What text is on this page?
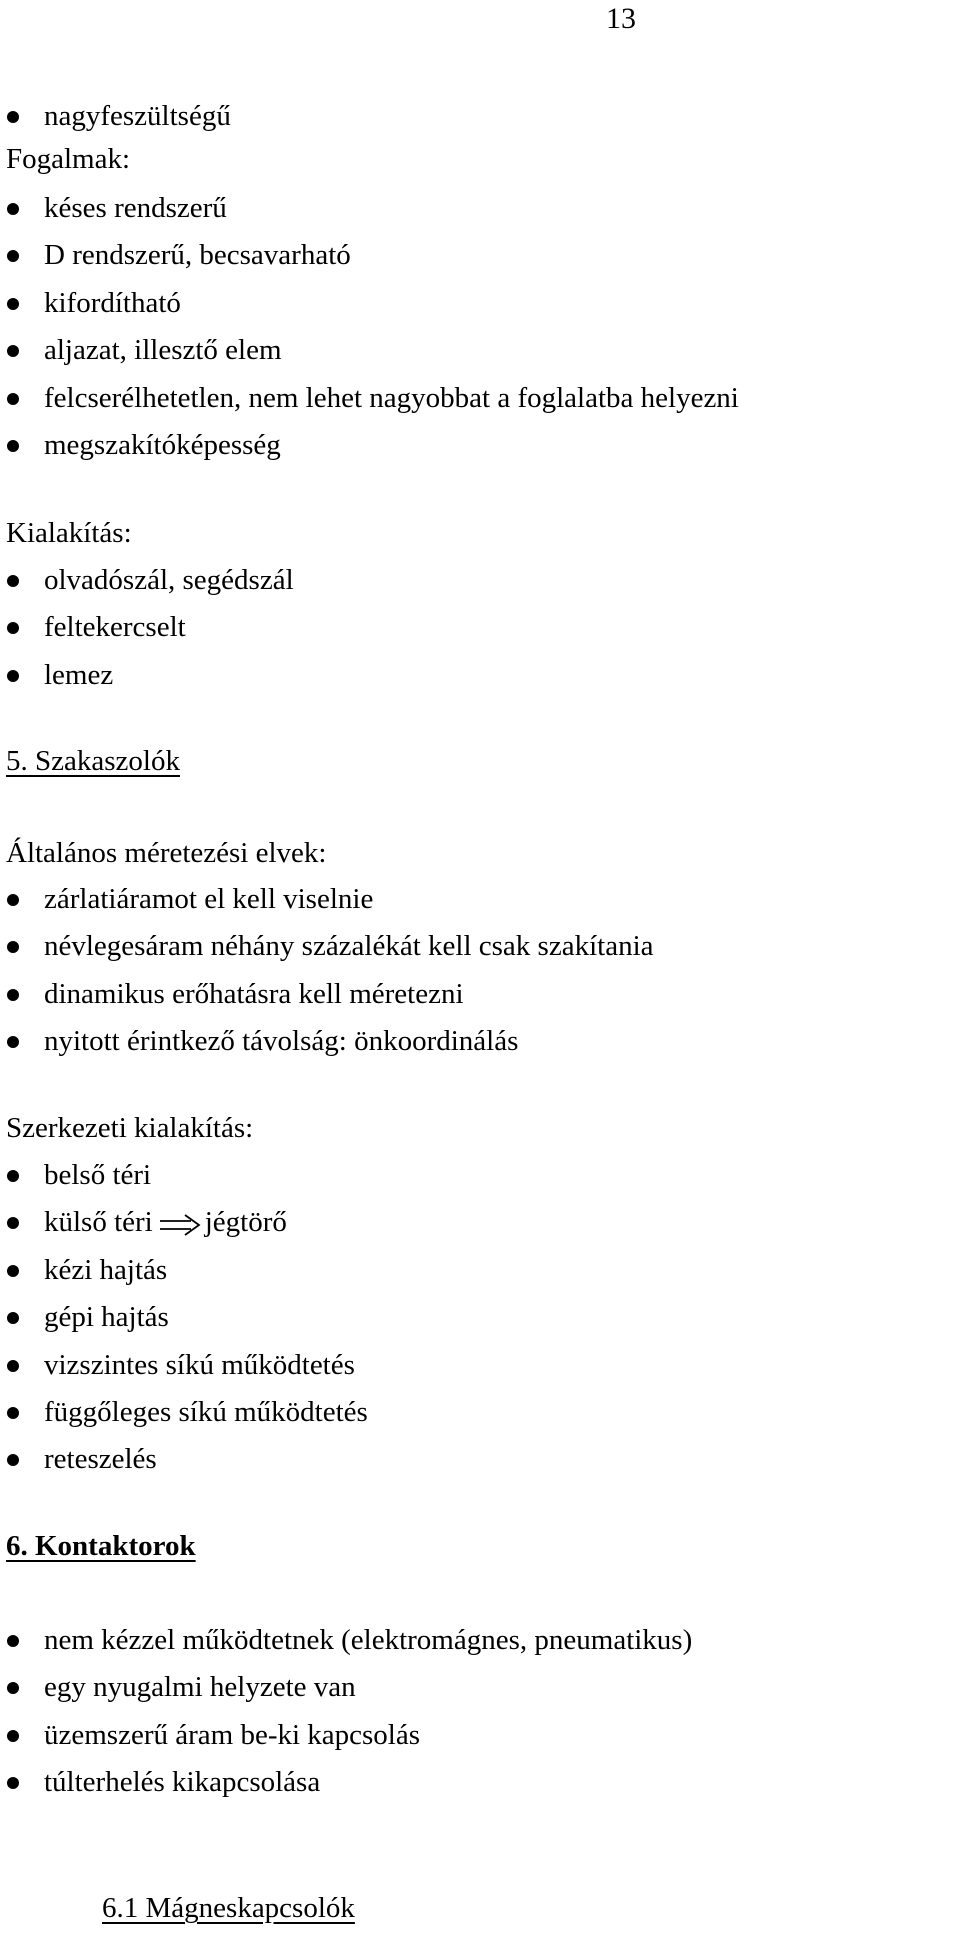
13
nagyfeszültségű
Fogalmak:
késes rendszerű
D rendszerű, becsavarható
kifordítható
aljazat, illesztő elem
felcserélhetetlen, nem lehet nagyobbat a foglalatba helyezni
megszakítóképesség
Kialakítás:
olvadószál, segédszál
feltekercselt
lemez
5. Szakaszolók
Általános méretezési elvek:
zárlatiáramot el kell viselnie
névlegesáram néhány százalékát kell csak szakítania
dinamikus erőhatásra kell méretezni
nyitott érintkező távolság: önkoordinálás
Szerkezeti kialakítás:
belső téri
külső téri jégtörő
kézi hajtás
gépi hajtás
vizszintes síkú működtetés
függőleges síkú működtetés
reteszelés
6. Kontaktorok
nem kézzel működtetnek (elektromágnes, pneumatikus)
egy nyugalmi helyzete van
üzemszerű áram be-ki kapcsolás
túlterhelés kikapcsolása
6.1 Mágneskapcsolók
